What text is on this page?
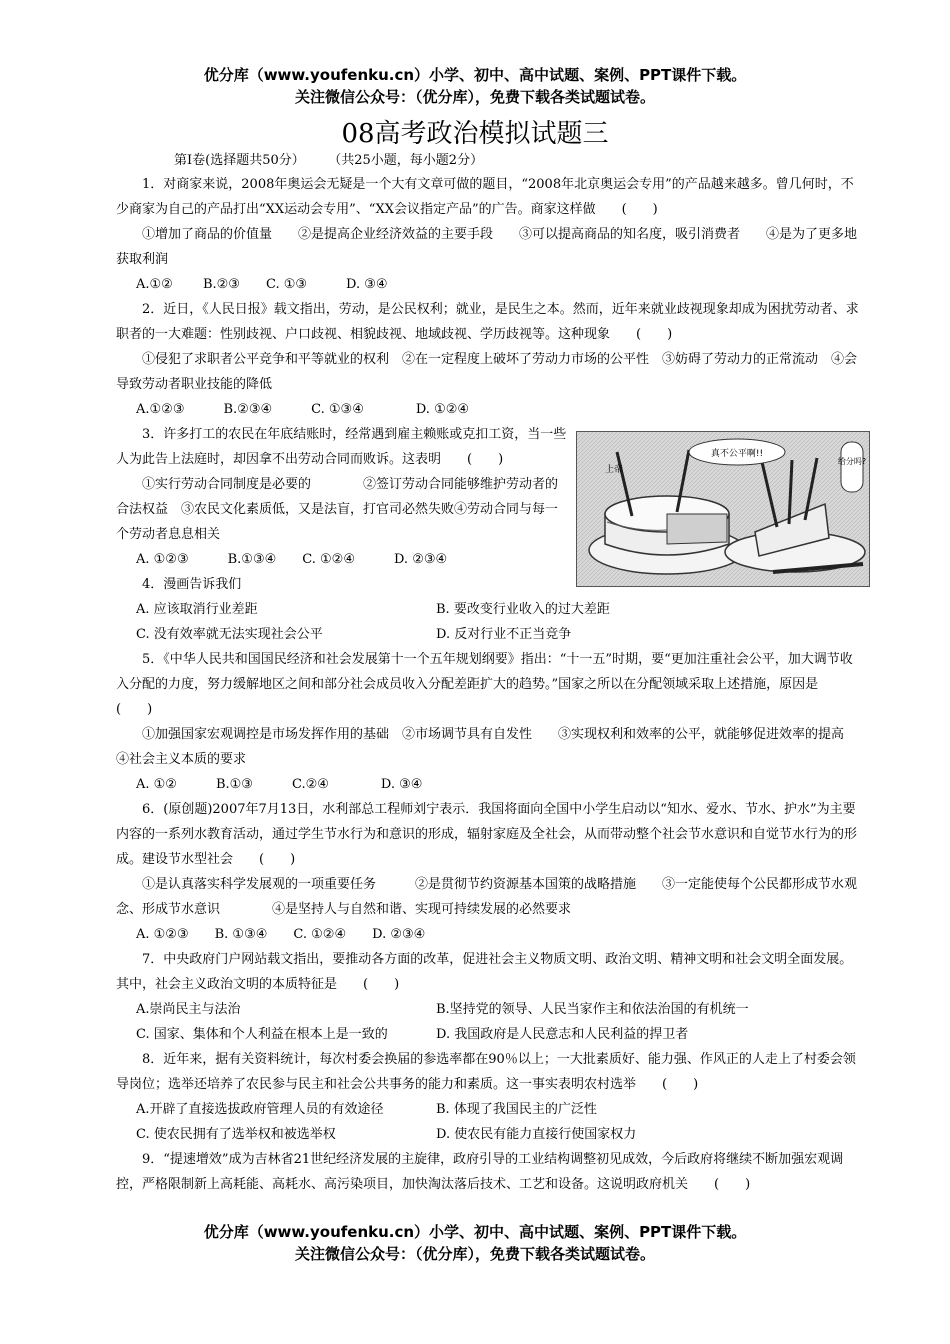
优分库（www.youfenku.cn）小学、初中、高中试题、案例、PPT课件下载。
关注微信公众号：（优分库），免费下载各类试题试卷。
08高考政治模拟试题三
第Ⅰ卷(选择题共50分） （共25小题，每小题2分）
1．对商家来说，2008年奥运会无疑是一个大有文章可做的题目，“2008年北京奥运会专用”的产品越来越多。曾几何时，不少商家为自己的产品打出“XX运动会专用”、“XX会议指定产品”的广告。商家这样做　　(　　)
①增加了商品的价值量　　②是提高企业经济效益的主要手段　　③可以提高商品的知名度，吸引消费者　　④是为了更多地获取利润
A.①②　　 B.②③　　C. ①③　　　D. ③④
2．近日，《人民日报》载文指出，劳动，是公民权利；就业，是民生之本。然而，近年来就业歧视现象却成为困扰劳动者、求职者的一大难题：性别歧视、户口歧视、相貌歧视、地域歧视、学历歧视等。这种现象　　(　　)
①侵犯了求职者公平竞争和平等就业的权利　②在一定程度上破坏了劳动力市场的公平性　③妨碍了劳动力的正常流动　④会导致劳动者职业技能的降低
A.①②③　　　B.②③④　　　C. ①③④　　　　D. ①②④
3．许多打工的农民在年底结账时，经常遇到雇主赖账或克扣工资，当一些人为此告上法庭时，却因拿不出劳动合同而败诉。这表明　　(　　)
①实行劳动合同制度是必要的　　　　②签订劳动合同能够维护劳动者的合法权益　③农民文化素质低，又是法盲，打官司必然失败④劳动合同与每一个劳动者息息相关
A. ①②③　　　B.①③④　　C. ①②④　　　D. ②③④
4．漫画告诉我们
A. 应该取消行业差距	B. 要改变行业收入的过大差距
C. 没有效率就无法实现社会公平	D. 反对行业不正当竞争
5．《中华人民共和国国民经济和社会发展第十一个五年规划纲要》指出：“十一五”时期，要“更加注重社会公平，加大调节收入分配的力度，努力缓解地区之间和部分社会成员收入分配差距扩大的趋势。”国家之所以在分配领域采取上述措施，原因是　　(　　)
①加强国家宏观调控是市场发挥作用的基础　②市场调节具有自发性　　③实现权利和效率的公平，就能够促进效率的提高　　④社会主义本质的要求
A. ①②　　　B.①③　　　C.②④　　　　D. ③④
6．(原创题)2007年7月13日，水利部总工程师刘宁表示．我国将面向全国中小学生启动以“知水、爱水、节水、护水”为主要内容的一系列水教育活动，通过学生节水行为和意识的形成，辐射家庭及全社会，从而带动整个社会节水意识和自觉节水行为的形成。建设节水型社会　　(　　)
①是认真落实科学发展观的一项重要任务　　　②是贯彻节约资源基本国策的战略措施　　③一定能使每个公民都形成节水观念、形成节水意识　　　　④是坚持人与自然和谐、实现可持续发展的必然要求
A. ①②③　　B. ①③④　　C. ①②④　　D. ②③④
7．中央政府门户网站载文指出，要推动各方面的改革，促进社会主义物质文明、政治文明、精神文明和社会文明全面发展。其中，社会主义政治文明的本质特征是　　(　　)
A.崇尚民主与法治	B.坚持党的领导、人民当家作主和依法治国的有机统一
C. 国家、集体和个人利益在根本上是一致的	D. 我国政府是人民意志和人民利益的捍卫者
8．近年来，据有关资料统计，每次村委会换届的参选率都在90％以上；一大批素质好、能力强、作风正的人走上了村委会领导岗位；选举还培养了农民参与民主和社会公共事务的能力和素质。这一事实表明农村选举　　(　　)
A.开辟了直接选拔政府管理人员的有效途径	B. 体现了我国民主的广泛性
C. 使农民拥有了选举权和被选举权	D. 使农民有能力直接行使国家权力
9．“提速增效”成为吉林省21世纪经济发展的主旋律，政府引导的工业结构调整初见成效，今后政府将继续不断加强宏观调控，严格限制新上高耗能、高耗水、高污染项目，加快淘汰落后技术、工艺和设备。这说明政府机关　　(　　)
真不公平啊!!
给分吗?
上帝
优分库（www.youfenku.cn）小学、初中、高中试题、案例、PPT课件下载。
关注微信公众号：（优分库），免费下载各类试题试卷。
